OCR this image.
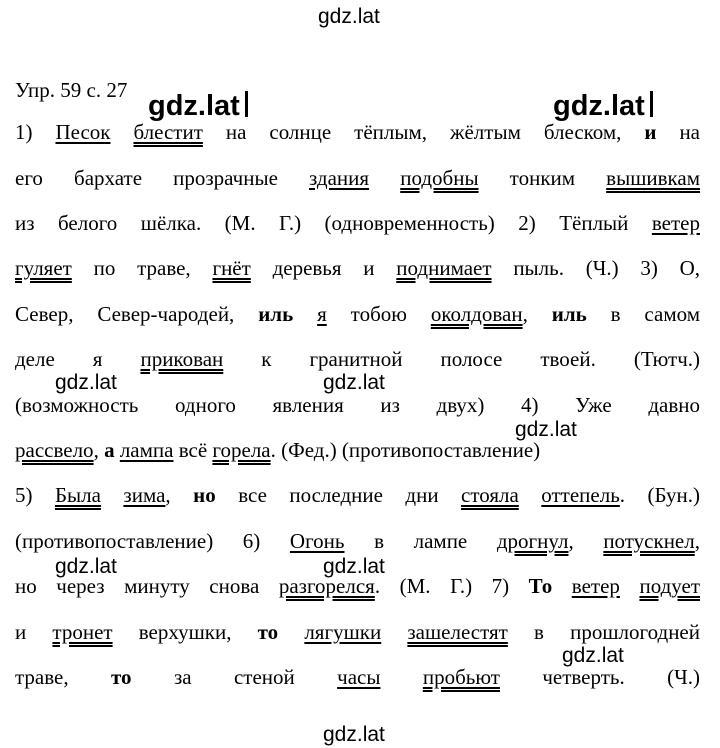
gdz.lat
Упр. 59 с. 27
1) Песок блестит на солнце тёплым, жёлтым блеском, и на
его бархате прозрачные здания подобны тонким вышивкам
из белого шёлка. (М. Г.) (одновременность) 2) Тёплый ветер
гуляет по траве, гнёт деревья и поднимает пыль. (Ч.) 3) О,
Север, Север-чародей, иль я тобою околдован, иль в самом
деле я прикован к гранитной полосе твоей. (Тютч.)
(возможность одного явления из двух) 4) Уже давно
рассвело, а лампа всё горела. (Фед.) (противопоставление)
5) Была зима, но все последние дни стояла оттепель. (Бун.)
(противопоставление) 6) Огонь в лампе дрогнул, потускнел,
но через минуту снова разгорелся. (М. Г.) 7) То ветер подует
и тронет верхушки, то лягушки зашелестят в прошлогодней
траве, то за стеной часы пробьют четверть. (Ч.)
gdz.lat	gdz.lat
gdz.lat	gdz.lat
gdz.lat
gdz.lat	gdz.lat
gdz.lat
gdz.lat
